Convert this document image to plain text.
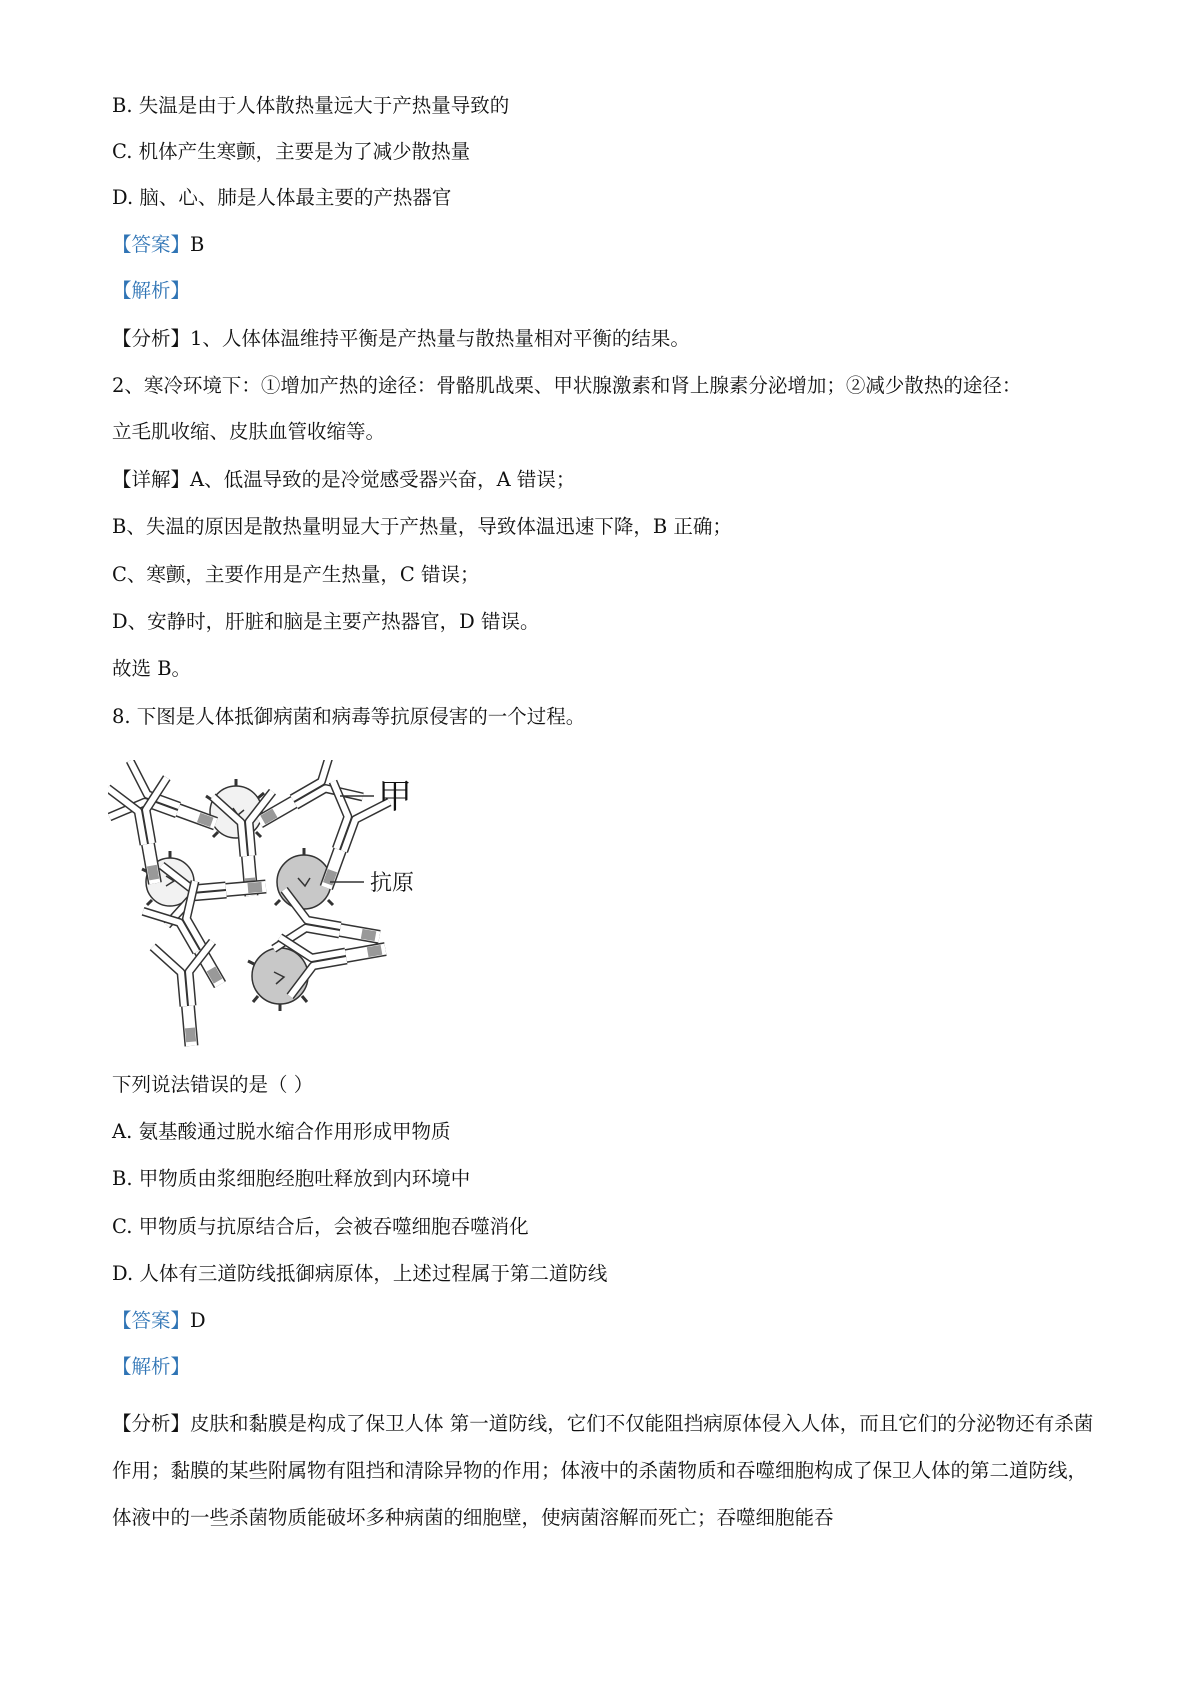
B. 失温是由于人体散热量远大于产热量导致的
C. 机体产生寒颤，主要是为了减少散热量
D. 脑、心、肺是人体最主要的产热器官
【答案】B
【解析】
【分析】1、人体体温维持平衡是产热量与散热量相对平衡的结果。
2、寒冷环境下：①增加产热的途径：骨骼肌战栗、甲状腺激素和肾上腺素分泌增加；②减少散热的途径：
立毛肌收缩、皮肤血管收缩等。
【详解】A、低温导致的是冷觉感受器兴奋，A 错误；
B、失温的原因是散热量明显大于产热量，导致体温迅速下降，B 正确；
C、寒颤，主要作用是产生热量，C 错误；
D、安静时，肝脏和脑是主要产热器官，D 错误。
故选 B。
8. 下图是人体抵御病菌和病毒等抗原侵害的一个过程。
甲
抗原
下列说法错误的是（ ）
A. 氨基酸通过脱水缩合作用形成甲物质
B. 甲物质由浆细胞经胞吐释放到内环境中
C. 甲物质与抗原结合后，会被吞噬细胞吞噬消化
D. 人体有三道防线抵御病原体，上述过程属于第二道防线
【答案】D
【解析】
【分析】皮肤和黏膜是构成了保卫人体 第一道防线，它们不仅能阻挡病原体侵入人体，而且它们的分泌物还有杀菌作用；黏膜的某些附属物有阻挡和清除异物的作用；体液中的杀菌物质和吞噬细胞构成了保卫人体的第二道防线，体液中的一些杀菌物质能破坏多种病菌的细胞壁，使病菌溶解而死亡；吞噬细胞能吞
